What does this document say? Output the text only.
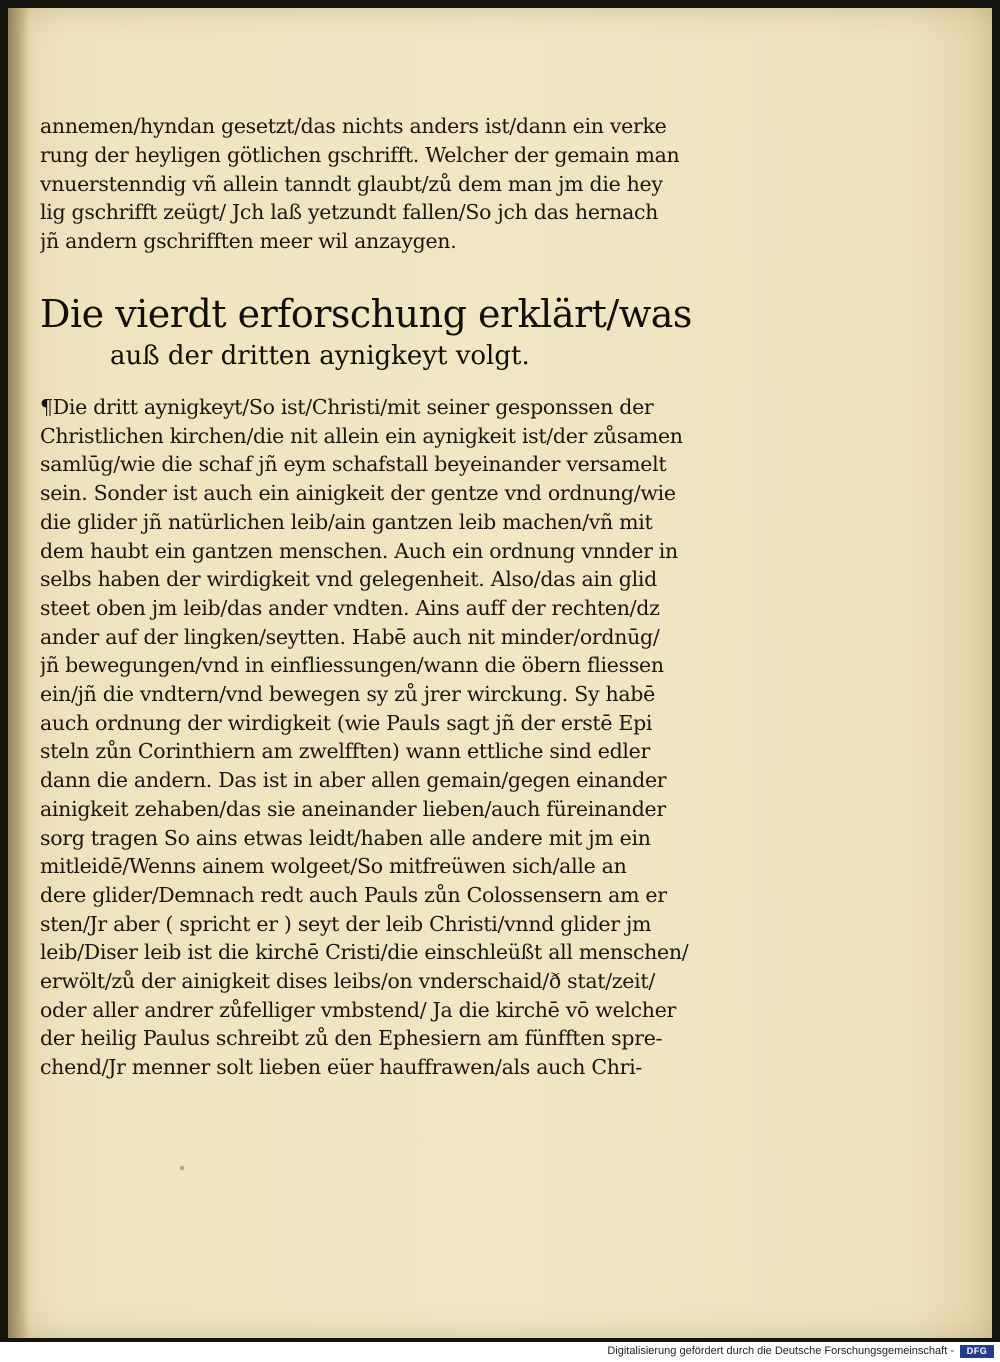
annemen/hyndan gesetzt/das nichts anders ist/dann ein verke
rung der heyligen götlichen gschrifft. Welcher der gemain man
vnuerstenndig vñ allein tanndt glaubt/zů dem man jm die hey
lig gschrifft zeügt/ Jch laß yetzundt fallen/So jch das hernach
jñ andern gschrifften meer wil anzaygen.
Die vierdt erforschung erklärt/was
auß der dritten aynigkeyt volgt.
¶Die dritt aynigkeyt/So ist/Christi/mit seiner gesponssen der
Christlichen kirchen/die nit allein ein aynigkeit ist/der zůsamen
samlūg/wie die schaf jñ eym schafstall beyeinander versamelt
sein. Sonder ist auch ein ainigkeit der gentze vnd ordnung/wie
die glider jñ natürlichen leib/ain gantzen leib machen/vñ mit
dem haubt ein gantzen menschen. Auch ein ordnung vnnder in
selbs haben der wirdigkeit vnd gelegenheit. Also/das ain glid
steet oben jm leib/das ander vndten. Ains auff der rechten/dz
ander auf der lingken/seytten. Habē auch nit minder/ordnūg/
jñ bewegungen/vnd in einfliessungen/wann die öbern fliessen
ein/jñ die vndtern/vnd bewegen sy zů jrer wirckung. Sy habē
auch ordnung der wirdigkeit (wie Pauls sagt jñ der erstē Epi
steln zůn Corinthiern am zwelfften) wann ettliche sind edler
dann die andern. Das ist in aber allen gemain/gegen einander
ainigkeit zehaben/das sie aneinander lieben/auch füreinander
sorg tragen So ains etwas leidt/haben alle andere mit jm ein
mitleidē/Wenns ainem wolgeet/So mitfreüwen sich/alle an
dere glider/Demnach redt auch Pauls zůn Colossensern am er
sten/Jr aber ( spricht er ) seyt der leib Christi/vnnd glider jm
leib/Diser leib ist die kirchē Cristi/die einschleüßt all menschen/
erwölt/zů der ainigkeit dises leibs/on vnderschaid/ð stat/zeit/
oder aller andrer zůfelliger vmbstend/ Ja die kirchē vō welcher
der heilig Paulus schreibt zů den Ephesiern am fünfften spre-
chend/Jr menner solt lieben eüer hauffrawen/als auch Chri-
Digitalisierung gefördert durch die Deutsche Forschungsgemeinschaft -	DFG
